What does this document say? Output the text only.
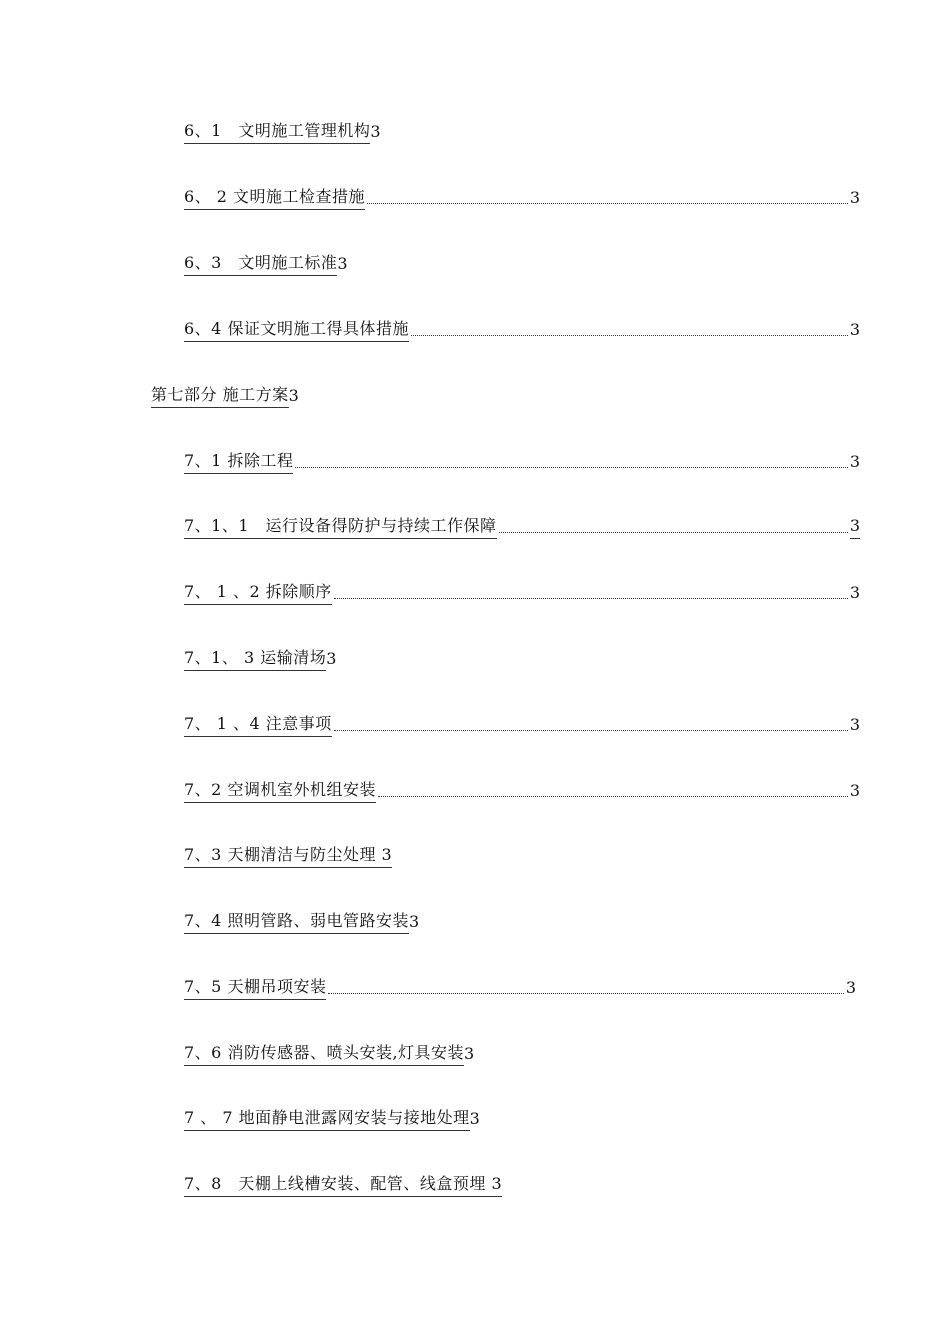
6、1　文明施工管理机构 3
6、 2 文明施工检查措施	3
6、3　文明施工标准 3
6、4 保证文明施工得具体措施	3
第七部分 施工方案 3
7、1 拆除工程	3
7、1、1　运行设备得防护与持续工作保障	3
7、 1 、2 拆除顺序	3
7、1、 3 运输清场 3
7、 1 、4 注意事项	3
7、2 空调机室外机组安装	3
7、3 天棚清洁与防尘处理 3
7、4 照明管路、弱电管路安装 3
7、5 天棚吊项安装	3
7、6 消防传感器、喷头安装,灯具安装 3
7 、 7 地面静电泄露网安装与接地处理 3
7、8　天棚上线槽安装、配管、线盒预埋 3
